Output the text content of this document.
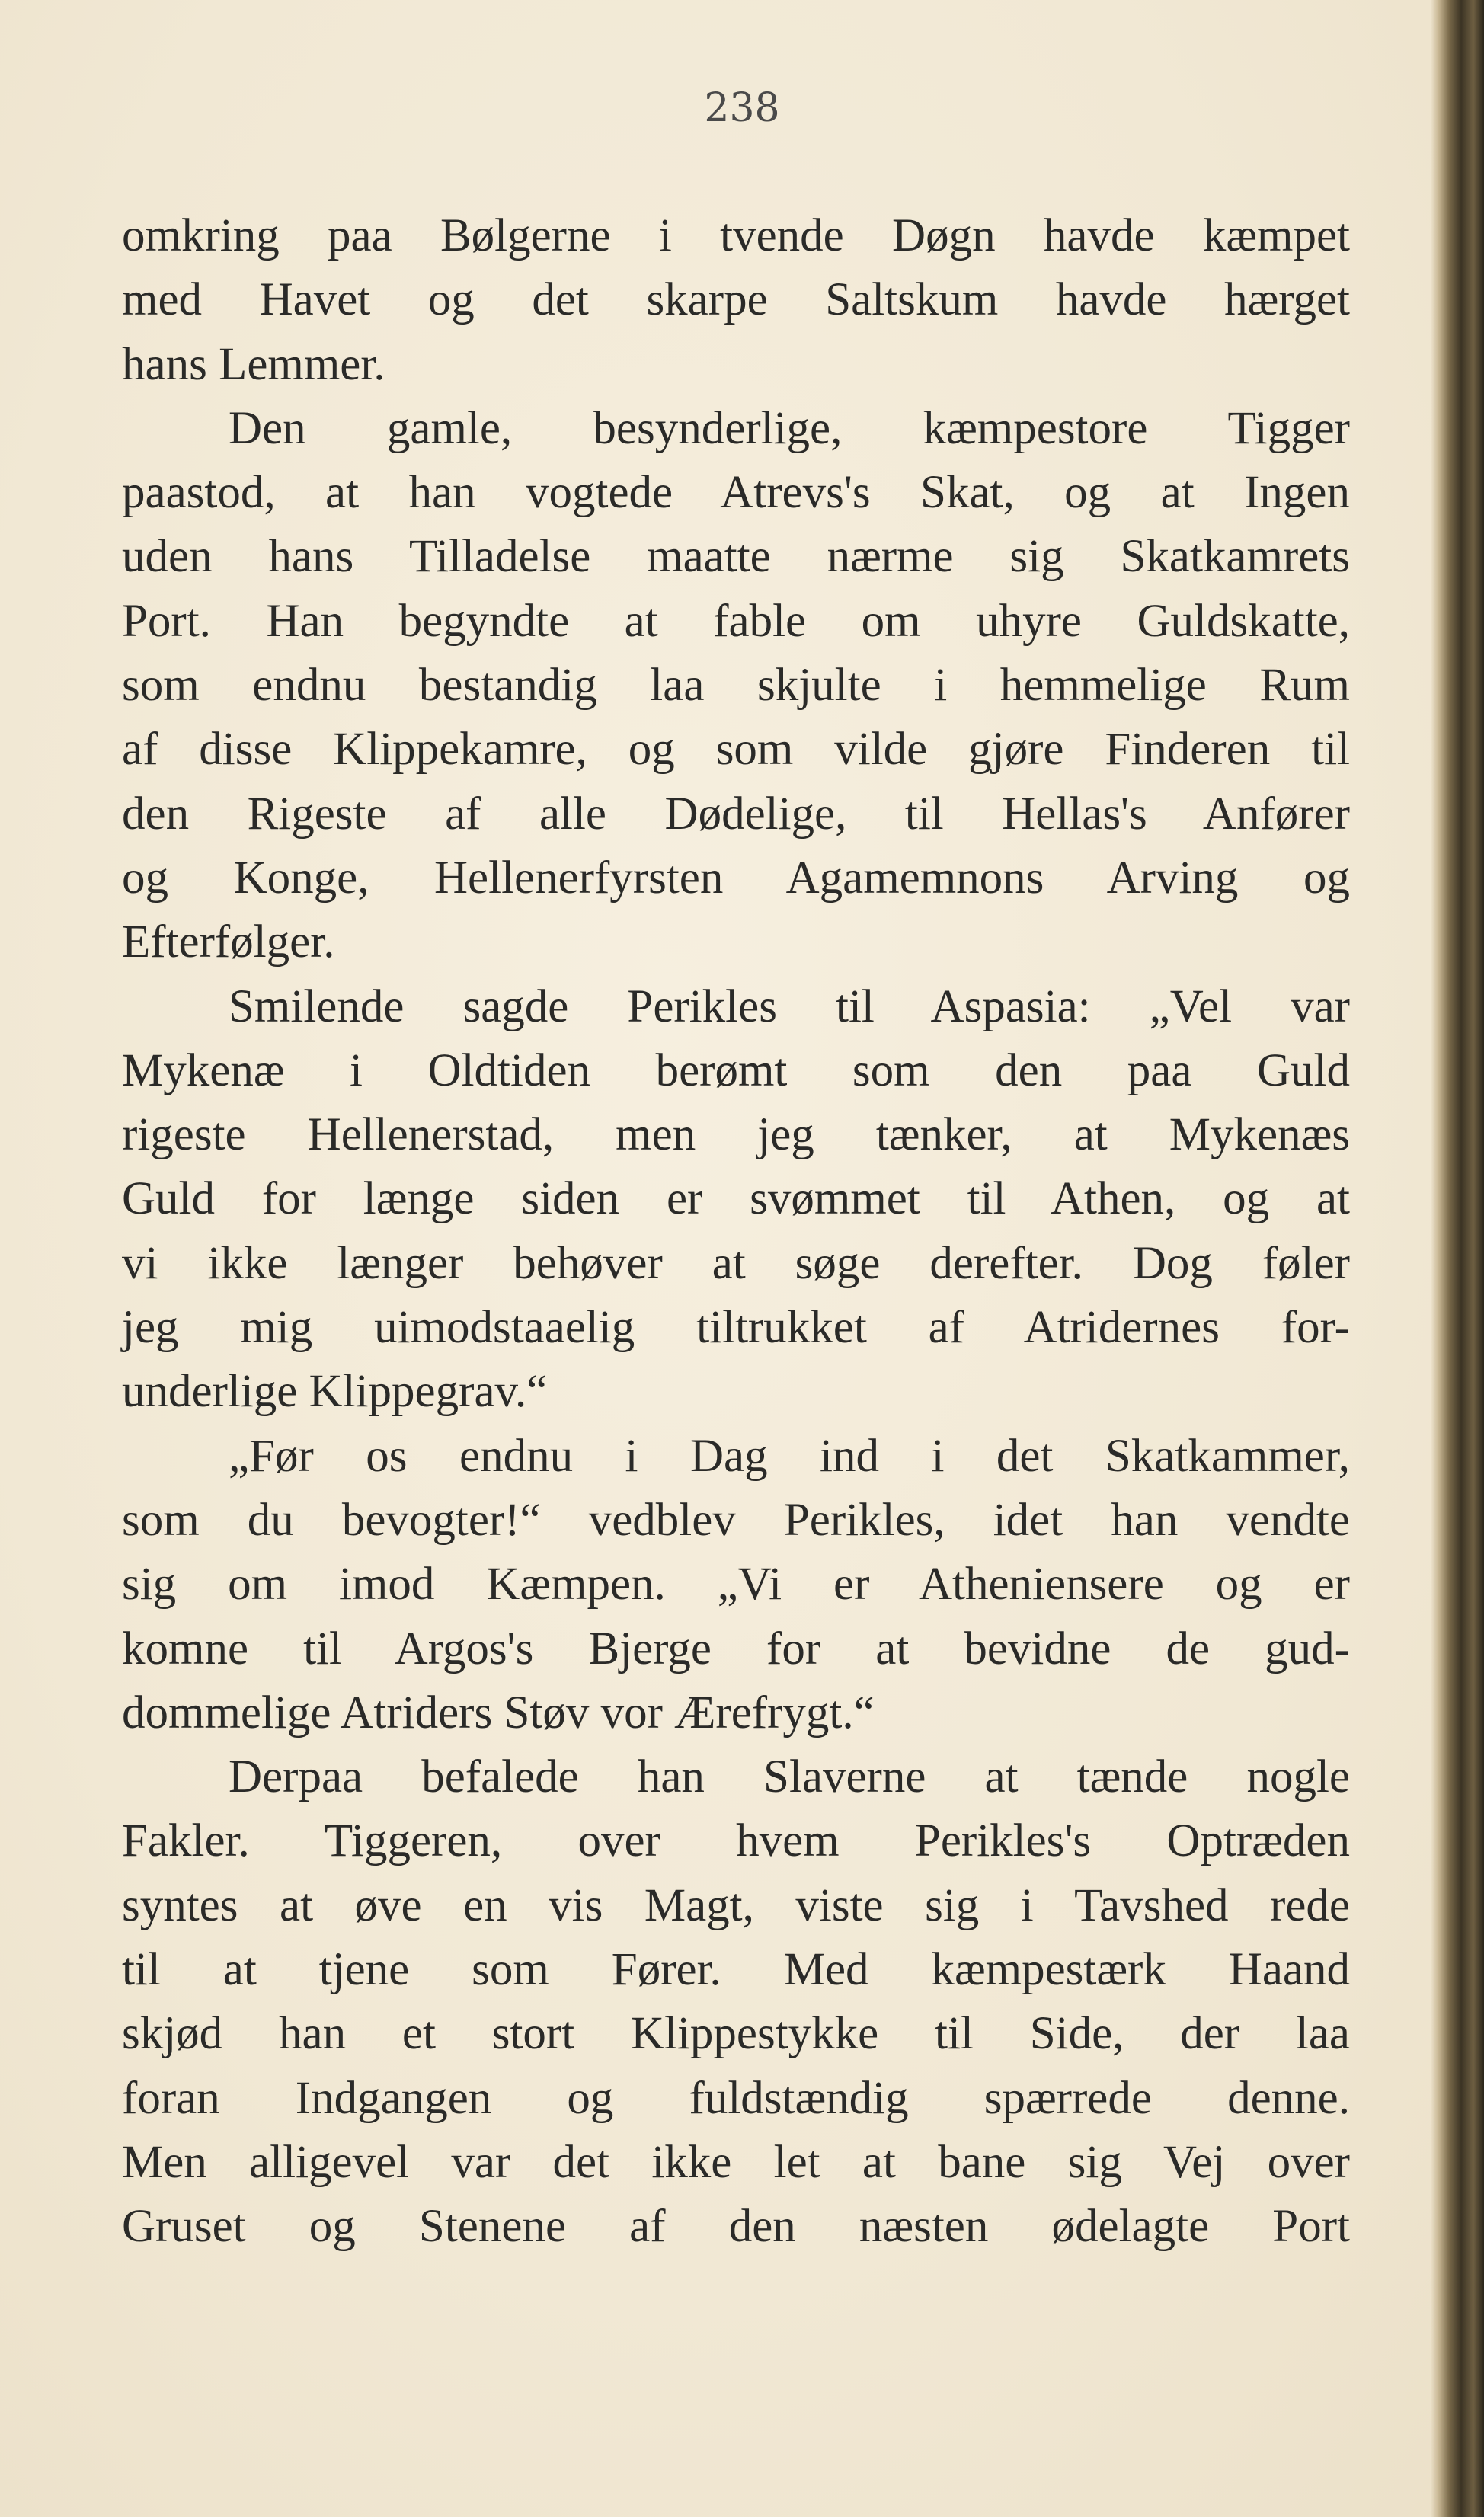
238

omkring paa Bølgerne i tvende Døgn havde kæmpet
med Havet og det skarpe Saltskum havde hærget
hans Lemmer.
Den gamle, besynderlige, kæmpestore Tigger
paastod, at han vogtede Atrevs's Skat, og at Ingen
uden hans Tilladelse maatte nærme sig Skatkamrets
Port. Han begyndte at fable om uhyre Guldskatte,
som endnu bestandig laa skjulte i hemmelige Rum
af disse Klippekamre, og som vilde gjøre Finderen til
den Rigeste af alle Dødelige, til Hellas's Anfører
og Konge, Hellenerfyrsten Agamemnons Arving og
Efterfølger.
Smilende sagde Perikles til Aspasia: „Vel var
Mykenæ i Oldtiden berømt som den paa Guld
rigeste Hellenerstad, men jeg tænker, at Mykenæs
Guld for længe siden er svømmet til Athen, og at
vi ikke længer behøver at søge derefter. Dog føler
jeg mig uimodstaaelig tiltrukket af Atridernes for-
underlige Klippegrav.“
„Før os endnu i Dag ind i det Skatkammer,
som du bevogter!“ vedblev Perikles, idet han vendte
sig om imod Kæmpen. „Vi er Atheniensere og er
komne til Argos's Bjerge for at bevidne de gud-
dommelige Atriders Støv vor Ærefrygt.“
Derpaa befalede han Slaverne at tænde nogle
Fakler. Tiggeren, over hvem Perikles's Optræden
syntes at øve en vis Magt, viste sig i Tavshed rede
til at tjene som Fører. Med kæmpestærk Haand
skjød han et stort Klippestykke til Side, der laa
foran Indgangen og fuldstændig spærrede denne.
Men alligevel var det ikke let at bane sig Vej over
Gruset og Stenene af den næsten ødelagte Port
